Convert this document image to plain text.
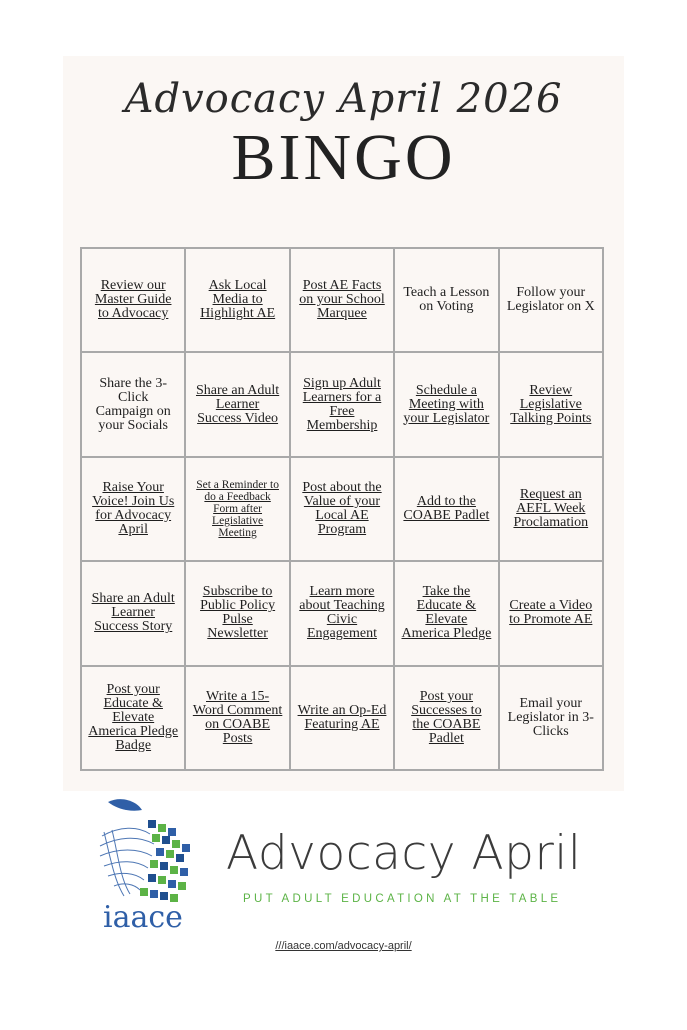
Advocacy April 2026
BINGO
Review our Master Guide to Advocacy
Ask Local Media to Highlight AE
Post AE Facts on your School Marquee
Teach a Lesson on Voting
Follow your Legislator on X
Share the 3-Click Campaign on your Socials
Share an Adult Learner Success Video
Sign up Adult Learners for a Free Membership
Schedule a Meeting with your Legislator
Review Legislative Talking Points
Raise Your Voice! Join Us for Advocacy April
Set a Reminder to do a Feedback Form after Legislative Meeting
Post about the Value of your Local AE Program
Add to the COABE Padlet
Request an AEFL Week Proclamation
Share an Adult Learner Success Story
Subscribe to Public Policy Pulse Newsletter
Learn more about Teaching Civic Engagement
Take the Educate & Elevate America Pledge
Create a Video to Promote AE
Post your Educate & Elevate America Pledge Badge
Write a 15-Word Comment on COABE Posts
Write an Op-Ed Featuring AE
Post your Successes to the COABE Padlet
Email your Legislator in 3-Clicks
iaace
Advocacy April
PUT ADULT EDUCATION AT THE TABLE
///iaace.com/advocacy-april/
